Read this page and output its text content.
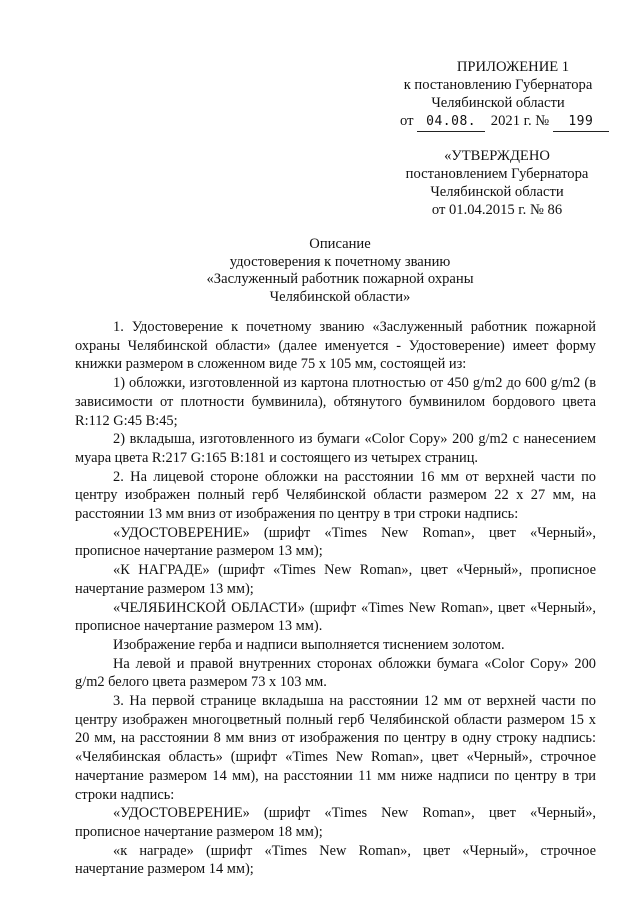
ПРИЛОЖЕНИЕ 1
к постановлению Губернатора
Челябинской области
от 04.08. 2021 г. № 199
«УТВЕРЖДЕНО
постановлением Губернатора
Челябинской области
от 01.04.2015 г. № 86
Описание
удостоверения к почетному званию
«Заслуженный работник пожарной охраны
Челябинской области»

1. Удостоверение к почетному званию «Заслуженный работник пожарной охраны Челябинской области» (далее именуется - Удостоверение) имеет форму книжки размером в сложенном виде 75 x 105 мм, состоящей из:

1) обложки, изготовленной из картона плотностью от 450 g/m2 до 600 g/m2 (в зависимости от плотности бумвинила), обтянутого бумвинилом бордового цвета R:112 G:45 B:45;

2) вкладыша, изготовленного из бумаги «Color Copy» 200 g/m2 с нанесением муара цвета R:217 G:165 B:181 и состоящего из четырех страниц.

2. На лицевой стороне обложки на расстоянии 16 мм от верхней части по центру изображен полный герб Челябинской области размером 22 x 27 мм, на расстоянии 13 мм вниз от изображения по центру в три строки надпись:

«УДОСТОВЕРЕНИЕ» (шрифт «Times New Roman», цвет «Черный», прописное начертание размером 13 мм);

«К НАГРАДЕ» (шрифт «Times New Roman», цвет «Черный», прописное начертание размером 13 мм);

«ЧЕЛЯБИНСКОЙ ОБЛАСТИ» (шрифт «Times New Roman», цвет «Черный», прописное начертание размером 13 мм).

Изображение герба и надписи выполняется тиснением золотом.

На левой и правой внутренних сторонах обложки бумага «Color Copy» 200 g/m2 белого цвета размером 73 x 103 мм.

3. На первой странице вкладыша на расстоянии 12 мм от верхней части по центру изображен многоцветный полный герб Челябинской области размером 15 x 20 мм, на расстоянии 8 мм вниз от изображения по центру в одну строку надпись: «Челябинская область» (шрифт «Times New Roman», цвет «Черный», строчное начертание размером 14 мм), на расстоянии 11 мм ниже надписи по центру в три строки надпись:

«УДОСТОВЕРЕНИЕ» (шрифт «Times New Roman», цвет «Черный», прописное начертание размером 18 мм);

«к награде» (шрифт «Times New Roman», цвет «Черный», строчное начертание размером 14 мм);
